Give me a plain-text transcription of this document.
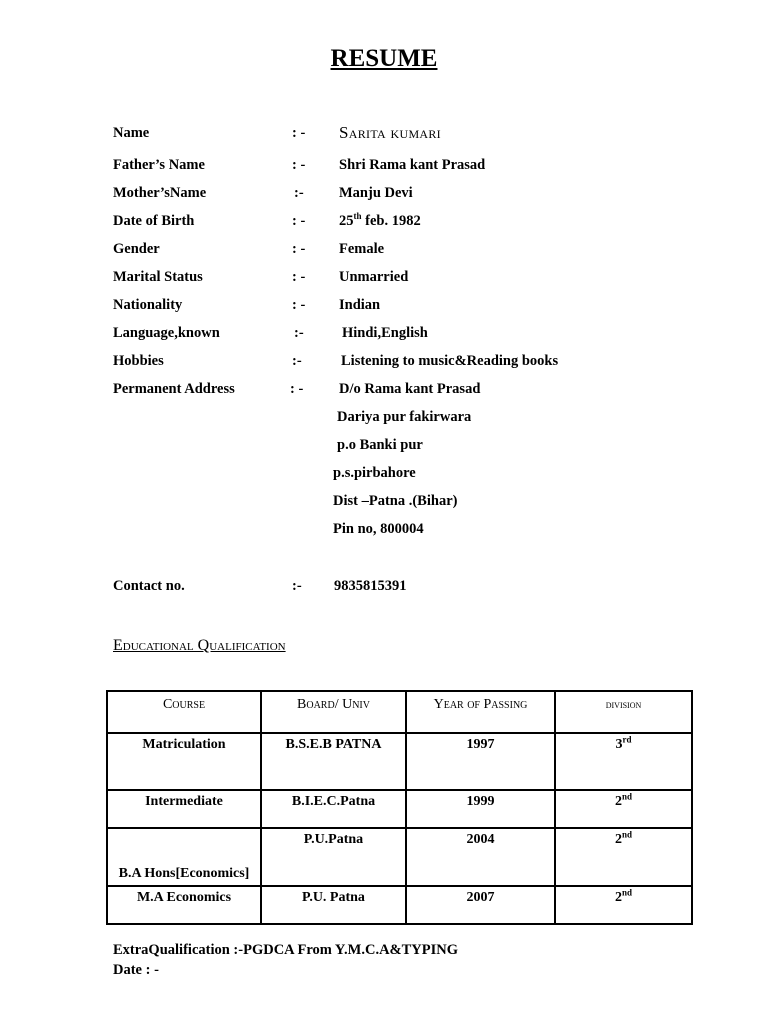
RESUME
Name	: - Sarita kumari
Father’s Name	: - Shri Rama kant Prasad
Mother’sName	:- Manju Devi
Date of Birth	: - 25th feb. 1982
Gender	: - Female
Marital Status	: - Unmarried
Nationality	: - Indian
Language,known	:-	Hindi,English
Hobbies	:-	Listening to music&Reading books
Permanent Address	: - D/o Rama kant Prasad
Dariya pur fakirwara
p.o Banki pur
p.s.pirbahore
Dist –Patna .(Bihar)
Pin no, 800004
Contact no.	:- 9835815391
Educational Qualification
Course	Board/ Univ	Year of Passing	division
Matriculation	B.S.E.B PATNA	1997	3rd
Intermediate	B.I.E.C.Patna	1999	2nd
B.A Hons[Economics]	P.U.Patna	2004	2nd
M.A Economics	P.U. Patna	2007	2nd
ExtraQualification :-PGDCA From Y.M.C.A&TYPING
Date : -
